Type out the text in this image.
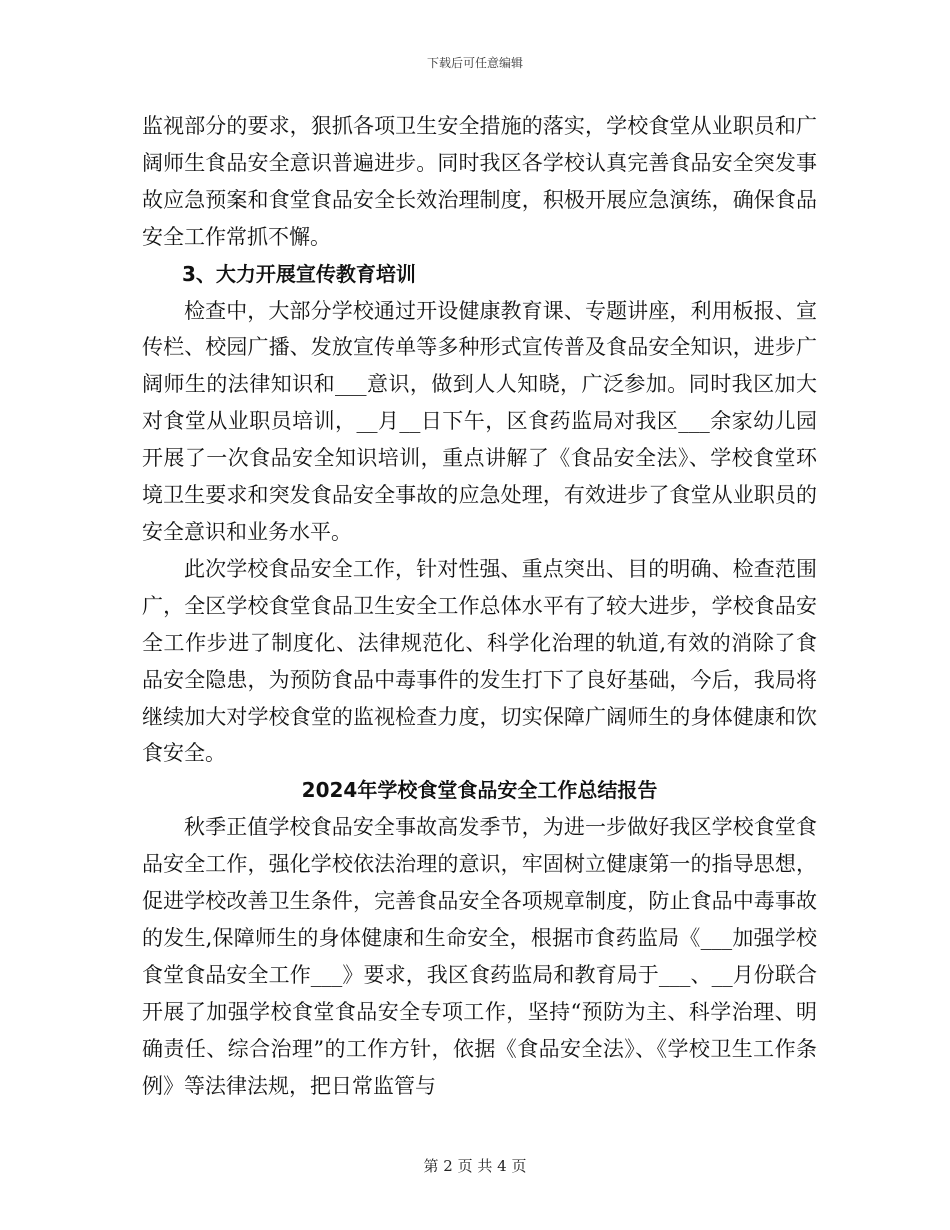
下载后可任意编辑

监视部分的要求，狠抓各项卫生安全措施的落实，学校食堂从业职员和广阔师生食品安全意识普遍进步。同时我区各学校认真完善食品安全突发事故应急预案和食堂食品安全长效治理制度，积极开展应急演练，确保食品安全工作常抓不懈。

3、大力开展宣传教育培训

检查中，大部分学校通过开设健康教育课、专题讲座，利用板报、宣传栏、校园广播、发放宣传单等多种形式宣传普及食品安全知识，进步广阔师生的法律知识和___意识，做到人人知晓，广泛参加。同时我区加大对食堂从业职员培训，__月__日下午，区食药监局对我区___余家幼儿园开展了一次食品安全知识培训，重点讲解了《食品安全法》、学校食堂环境卫生要求和突发食品安全事故的应急处理，有效进步了食堂从业职员的安全意识和业务水平。

此次学校食品安全工作，针对性强、重点突出、目的明确、检查范围广，全区学校食堂食品卫生安全工作总体水平有了较大进步，学校食品安全工作步进了制度化、法律规范化、科学化治理的轨道,有效的消除了食品安全隐患，为预防食品中毒事件的发生打下了良好基础，今后，我局将继续加大对学校食堂的监视检查力度，切实保障广阔师生的身体健康和饮食安全。

2024年学校食堂食品安全工作总结报告

秋季正值学校食品安全事故高发季节，为进一步做好我区学校食堂食品安全工作，强化学校依法治理的意识，牢固树立健康第一的指导思想，促进学校改善卫生条件，完善食品安全各项规章制度，防止食品中毒事故的发生,保障师生的身体健康和生命安全，根据市食药监局《___加强学校食堂食品安全工作___》要求，我区食药监局和教育局于___、__月份联合开展了加强学校食堂食品安全专项工作，坚持“预防为主、科学治理、明确责任、综合治理”的工作方针，依据《食品安全法》、《学校卫生工作条例》等法律法规，把日常监管与

第 2 页 共 4 页
